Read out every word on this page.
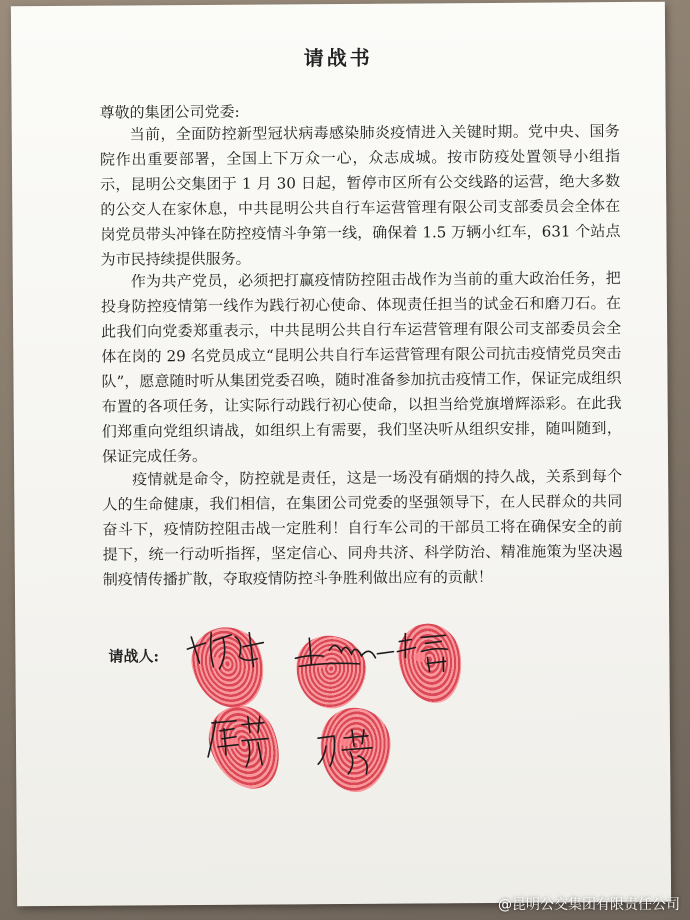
请战书
尊敬的集团公司党委:

当前，全面防控新型冠状病毒感染肺炎疫情进入关键时期。党中央、国务院作出重要部署，全国上下万众一心，众志成城。按市防疫处置领导小组指示，昆明公交集团于 1 月 30 日起，暂停市区所有公交线路的运营，绝大多数的公交人在家休息，中共昆明公共自行车运营管理有限公司支部委员会全体在岗党员带头冲锋在防控疫情斗争第一线，确保着 1.5 万辆小红车，631 个站点为市民持续提供服务。

作为共产党员，必须把打赢疫情防控阻击战作为当前的重大政治任务，把投身防控疫情第一线作为践行初心使命、体现责任担当的试金石和磨刀石。在此我们向党委郑重表示，中共昆明公共自行车运营管理有限公司支部委员会全体在岗的 29 名党员成立“昆明公共自行车运营管理有限公司抗击疫情党员突击队”，愿意随时听从集团党委召唤，随时准备参加抗击疫情工作，保证完成组织布置的各项任务，让实际行动践行初心使命，以担当给党旗增辉添彩。在此我们郑重向党组织请战，如组织上有需要，我们坚决听从组织安排，随叫随到，保证完成任务。

疫情就是命令，防控就是责任，这是一场没有硝烟的持久战，关系到每个人的生命健康，我们相信，在集团公司党委的坚强领导下，在人民群众的共同奋斗下，疫情防控阻击战一定胜利！自行车公司的干部员工将在确保安全的前提下，统一行动听指挥，坚定信心、同舟共济、科学防治、精准施策为坚决遏制疫情传播扩散，夺取疫情防控斗争胜利做出应有的贡献！

请战人:
@昆明公交集团有限责任公司
